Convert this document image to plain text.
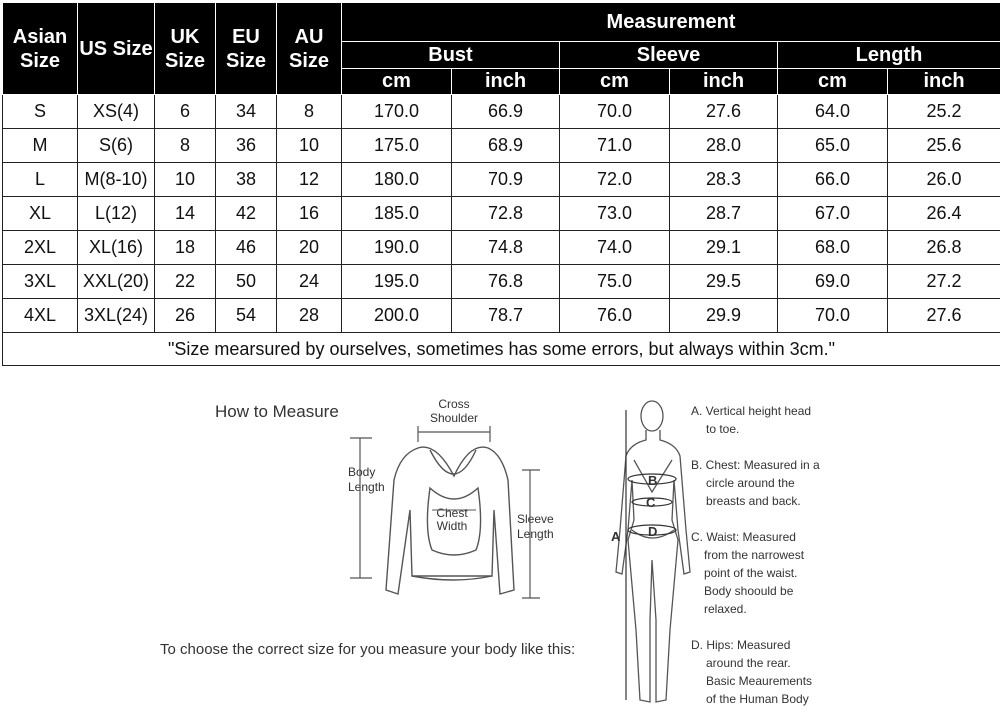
Asian Size	US Size	UK Size	EU Size	AU Size	Measurement					
					Bust		Sleeve		Length	
					cm	inch	cm	inch	cm	inch
S	XS(4)	6	34	8	170.0	66.9	70.0	27.6	64.0	25.2
M	S(6)	8	36	10	175.0	68.9	71.0	28.0	65.0	25.6
L	M(8-10)	10	38	12	180.0	70.9	72.0	28.3	66.0	26.0
XL	L(12)	14	42	16	185.0	72.8	73.0	28.7	67.0	26.4
2XL	XL(16)	18	46	20	190.0	74.8	74.0	29.1	68.0	26.8
3XL	XXL(20)	22	50	24	195.0	76.8	75.0	29.5	69.0	27.2
4XL	3XL(24)	26	54	28	200.0	78.7	76.0	29.9	70.0	27.6
"Size mearsured by ourselves, sometimes has some errors, but always within 3cm."										
How to Measure	Cross
Shoulder
Body
Length
Sleeve
Length
Chest
Width
To choose the correct size for you measure your body like this:
B
C
D
A
A. Vertical height head
to toe.
B. Chest: Measured in a
circle around the
breasts and back.
C. Waist: Measured
from the narrowest
point of the waist.
Body shoould be
relaxed.
D. Hips: Measured
around the rear.
Basic Meaurements
of the Human Body
